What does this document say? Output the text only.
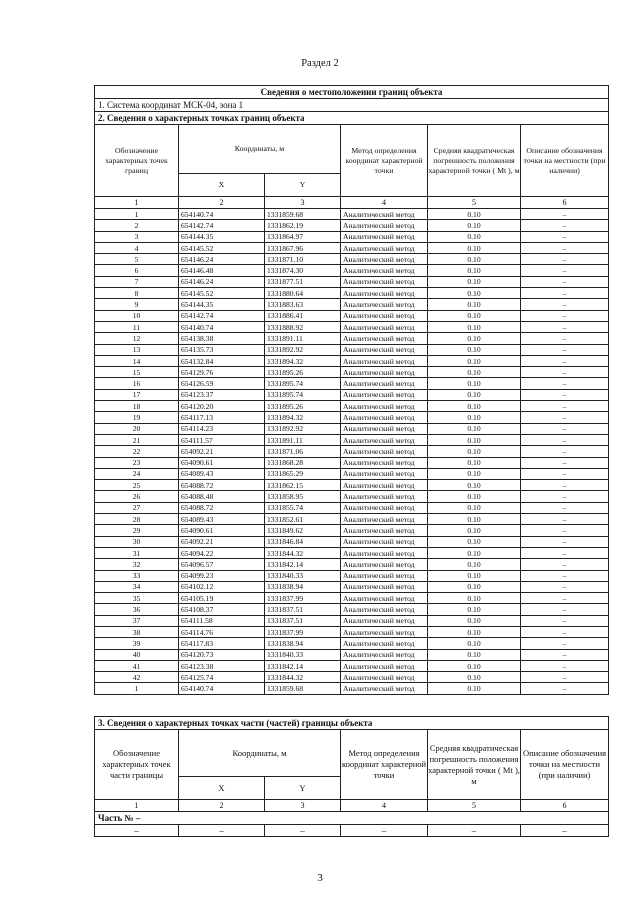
Раздел 2
Сведения о местоположении границ объекта					
1. Система координат МСК-04, зона 1					
2. Сведения о характерных точках границ объекта					
Обозначение характерных точек границ	Координаты, м		Метод определения координат характерной точки	Средняя квадратическая погрешность положения характерной точки ( Mt ), м	Описание обозначения точки на местности (при наличии)
	X	Y			
1	2	3	4	5	6
1	654140.74	1331859.68	Аналитический метод	0.10	–
2	654142.74	1331862.19	Аналитический метод	0.10	–
3	654144.35	1331864.97	Аналитический метод	0.10	–
4	654145.52	1331867.96	Аналитический метод	0.10	–
5	654146.24	1331871.10	Аналитический метод	0.10	–
6	654146.48	1331874.30	Аналитический метод	0.10	–
7	654146.24	1331877.51	Аналитический метод	0.10	–
8	654145.52	1331880.64	Аналитический метод	0.10	–
9	654144.35	1331883.63	Аналитический метод	0.10	–
10	654142.74	1331886.41	Аналитический метод	0.10	–
11	654140.74	1331888.92	Аналитический метод	0.10	–
12	654138.38	1331891.11	Аналитический метод	0.10	–
13	654135.73	1331892.92	Аналитический метод	0.10	–
14	654132.84	1331894.32	Аналитический метод	0.10	–
15	654129.76	1331895.26	Аналитический метод	0.10	–
16	654126.59	1331895.74	Аналитический метод	0.10	–
17	654123.37	1331895.74	Аналитический метод	0.10	–
18	654120.20	1331895.26	Аналитический метод	0.10	–
19	654117.13	1331894.32	Аналитический метод	0.10	–
20	654114.23	1331892.92	Аналитический метод	0.10	–
21	654111.57	1331891.11	Аналитический метод	0.10	–
22	654092.21	1331871.06	Аналитический метод	0.10	–
23	654090.61	1331868.28	Аналитический метод	0.10	–
24	654089.43	1331865.29	Аналитический метод	0.10	–
25	654088.72	1331862.15	Аналитический метод	0.10	–
26	654088.48	1331858.95	Аналитический метод	0.10	–
27	654088.72	1331855.74	Аналитический метод	0.10	–
28	654089.43	1331852.61	Аналитический метод	0.10	–
29	654090.61	1331849.62	Аналитический метод	0.10	–
30	654092.21	1331846.84	Аналитический метод	0.10	–
31	654094.22	1331844.32	Аналитический метод	0.10	–
32	654096.57	1331842.14	Аналитический метод	0.10	–
33	654099.23	1331840.33	Аналитический метод	0.10	–
34	654102.12	1331838.94	Аналитический метод	0.10	–
35	654105.19	1331837.99	Аналитический метод	0.10	–
36	654108.37	1331837.51	Аналитический метод	0.10	–
37	654111.58	1331837.51	Аналитический метод	0.10	–
38	654114.76	1331837.99	Аналитический метод	0.10	–
39	654117.83	1331838.94	Аналитический метод	0.10	–
40	654120.73	1331840.33	Аналитический метод	0.10	–
41	654123.38	1331842.14	Аналитический метод	0.10	–
42	654125.74	1331844.32	Аналитический метод	0.10	–
1	654140.74	1331859.68	Аналитический метод	0.10	–
3. Сведения о характерных точках части (частей) границы объекта					
Обозначение характерных точек части границы	Координаты, м		Метод определения координат характерной точки	Средняя квадратическая погрешность положения характерной точки ( Mt ), м	Описание обозначения точки на местности (при наличии)
	X	Y			
1	2	3	4	5	6
Часть № –					
–	–	–	–	–	–
3
